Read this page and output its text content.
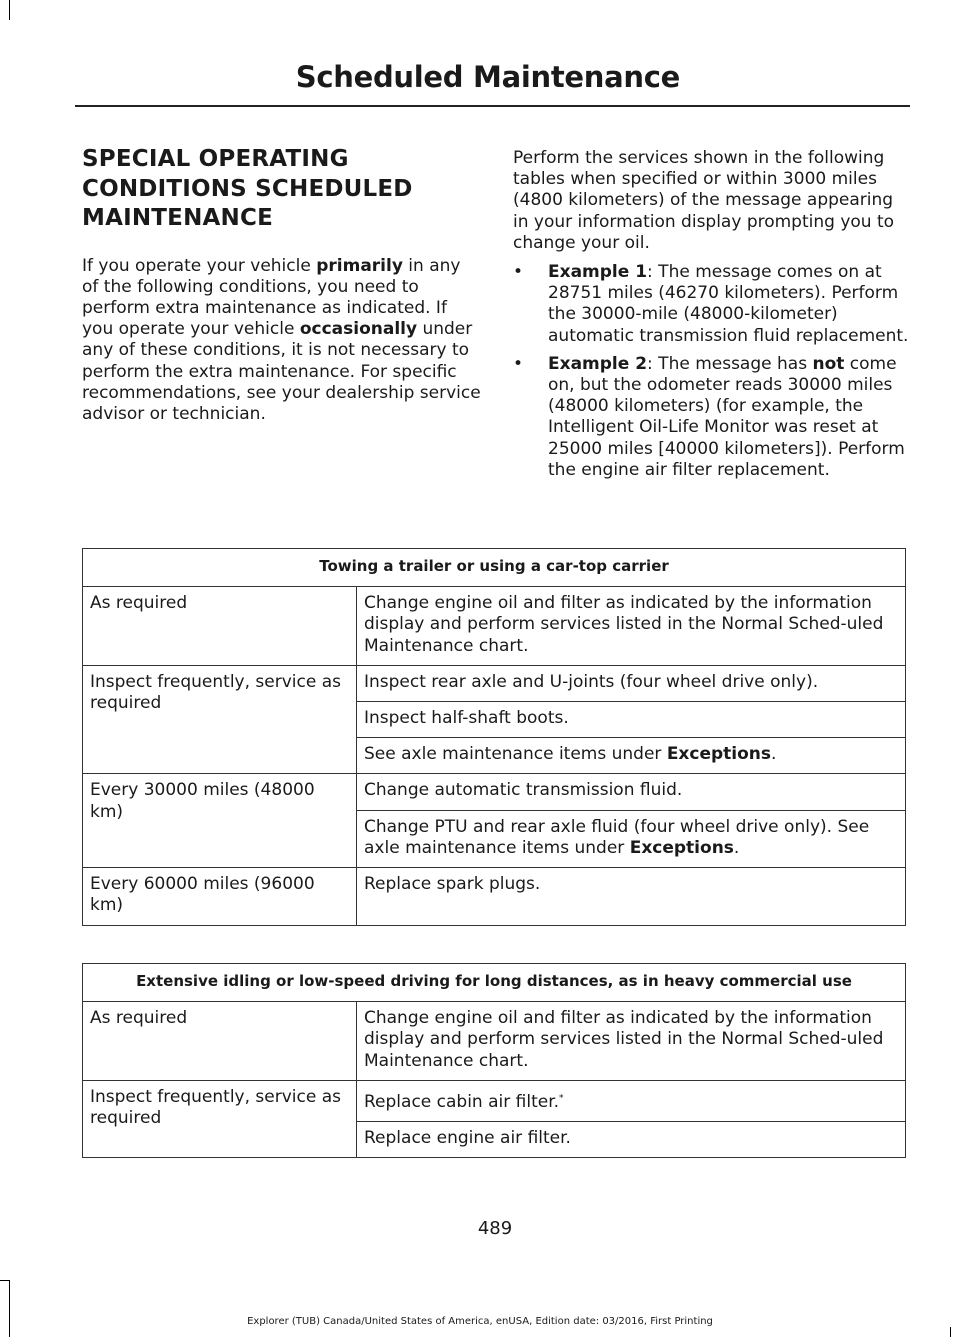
Scheduled Maintenance
SPECIAL OPERATING
CONDITIONS SCHEDULED
MAINTENANCE

If you operate your vehicle primarily in any of the following conditions, you need to perform extra maintenance as indicated. If you operate your vehicle occasionally under any of these conditions, it is not necessary to perform the extra maintenance. For specific recommendations, see your dealership service advisor or technician.

Perform the services shown in the following tables when specified or within 3000 miles (4800 kilometers) of the message appearing in your information display prompting you to change your oil.

• Example 1: The message comes on at 28751 miles (46270 kilometers). Perform the 30000-mile (48000-kilometer) automatic transmission fluid replacement.
• Example 2: The message has not come on, but the odometer reads 30000 miles (48000 kilometers) (for example, the Intelligent Oil-Life Monitor was reset at 25000 miles [40000 kilometers]). Perform the engine air filter replacement.
Towing a trailer or using a car-top carrier	
As required	Change engine oil and filter as indicated by the information display and perform services listed in the Normal Sched-uled Maintenance chart.
Inspect frequently, service as required	Inspect rear axle and U-joints (four wheel drive only).
	Inspect half-shaft boots.
	See axle maintenance items under Exceptions.
Every 30000 miles (48000 km)	Change automatic transmission fluid.
	Change PTU and rear axle fluid (four wheel drive only). See axle maintenance items under Exceptions.
Every 60000 miles (96000 km)	Replace spark plugs.
Extensive idling or low-speed driving for long distances, as in heavy commercial use	
As required	Change engine oil and filter as indicated by the information display and perform services listed in the Normal Sched-uled Maintenance chart.
Inspect frequently, service as required	Replace cabin air filter.*
	Replace engine air filter.
489
Explorer (TUB) Canada/United States of America, enUSA, Edition date: 03/2016, First Printing
